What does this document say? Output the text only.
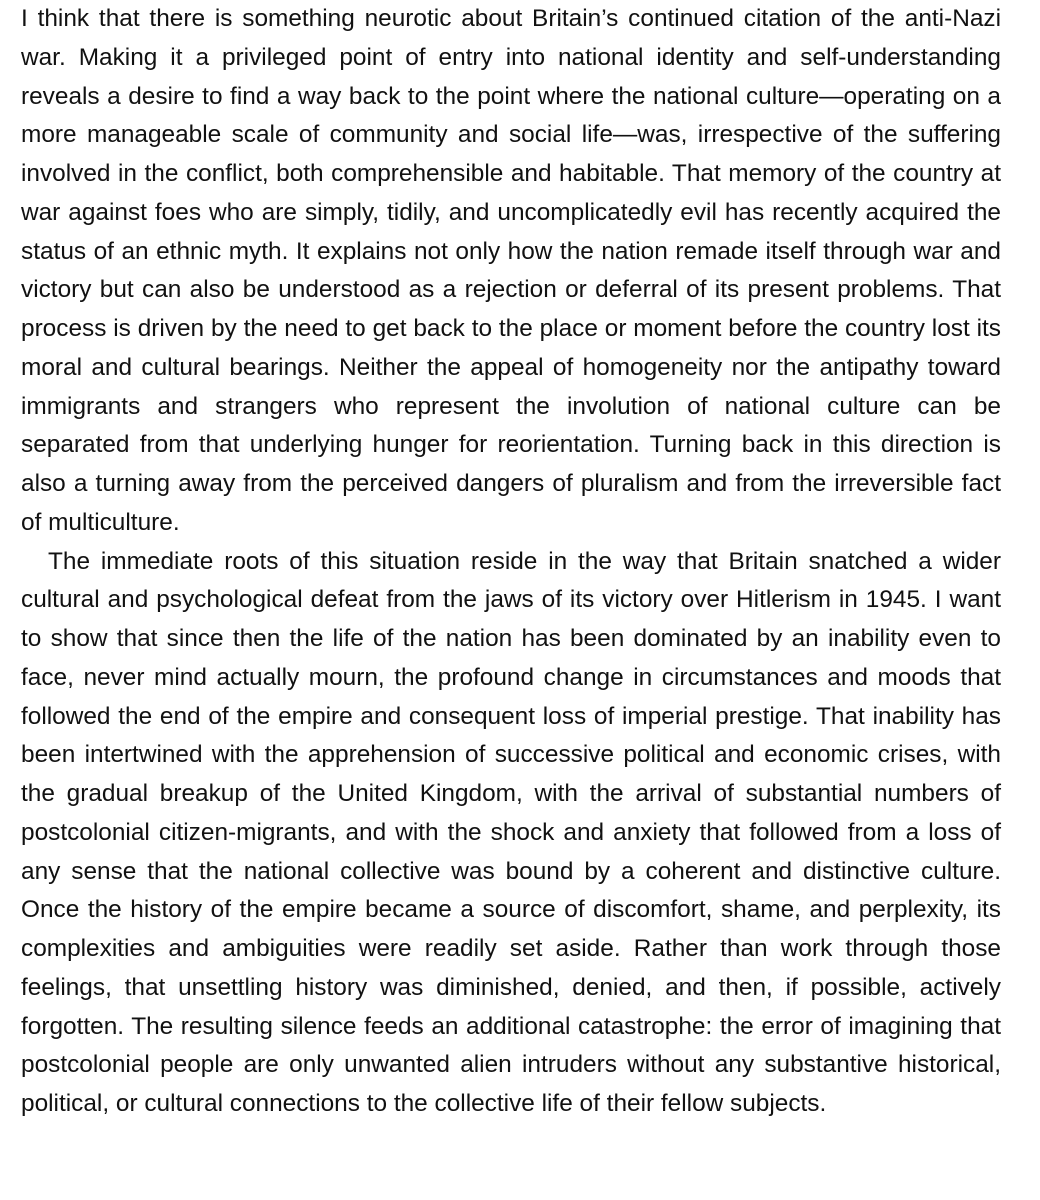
I think that there is something neurotic about Britain’s continued citation of the anti-Nazi war. Making it a privileged point of entry into national identity and self-understanding reveals a desire to find a way back to the point where the national culture—operating on a more manageable scale of community and social life—was, irrespective of the suffering involved in the conflict, both comprehensible and habitable. That memory of the country at war against foes who are simply, tidily, and uncomplicatedly evil has recently acquired the status of an ethnic myth. It explains not only how the nation remade itself through war and victory but can also be understood as a rejection or deferral of its present problems. That process is driven by the need to get back to the place or moment before the country lost its moral and cultural bearings. Neither the appeal of homogeneity nor the antipathy toward immigrants and strangers who represent the involution of national culture can be separated from that underlying hunger for reorientation. Turning back in this direction is also a turning away from the perceived dangers of pluralism and from the irreversible fact of multiculture.

The immediate roots of this situation reside in the way that Britain snatched a wider cultural and psychological defeat from the jaws of its victory over Hitlerism in 1945. I want to show that since then the life of the nation has been dominated by an inability even to face, never mind actually mourn, the profound change in circumstances and moods that followed the end of the empire and consequent loss of imperial prestige. That inability has been intertwined with the apprehension of successive political and economic crises, with the gradual breakup of the United Kingdom, with the arrival of substantial numbers of postcolonial citizen-migrants, and with the shock and anxiety that followed from a loss of any sense that the national collective was bound by a coherent and distinctive culture. Once the history of the empire became a source of discomfort, shame, and perplexity, its complexities and ambiguities were readily set aside. Rather than work through those feelings, that unsettling history was diminished, denied, and then, if possible, actively forgotten. The resulting silence feeds an additional catastrophe: the error of imagining that postcolonial people are only unwanted alien intruders without any substantive historical, political, or cultural connections to the collective life of their fellow subjects.
